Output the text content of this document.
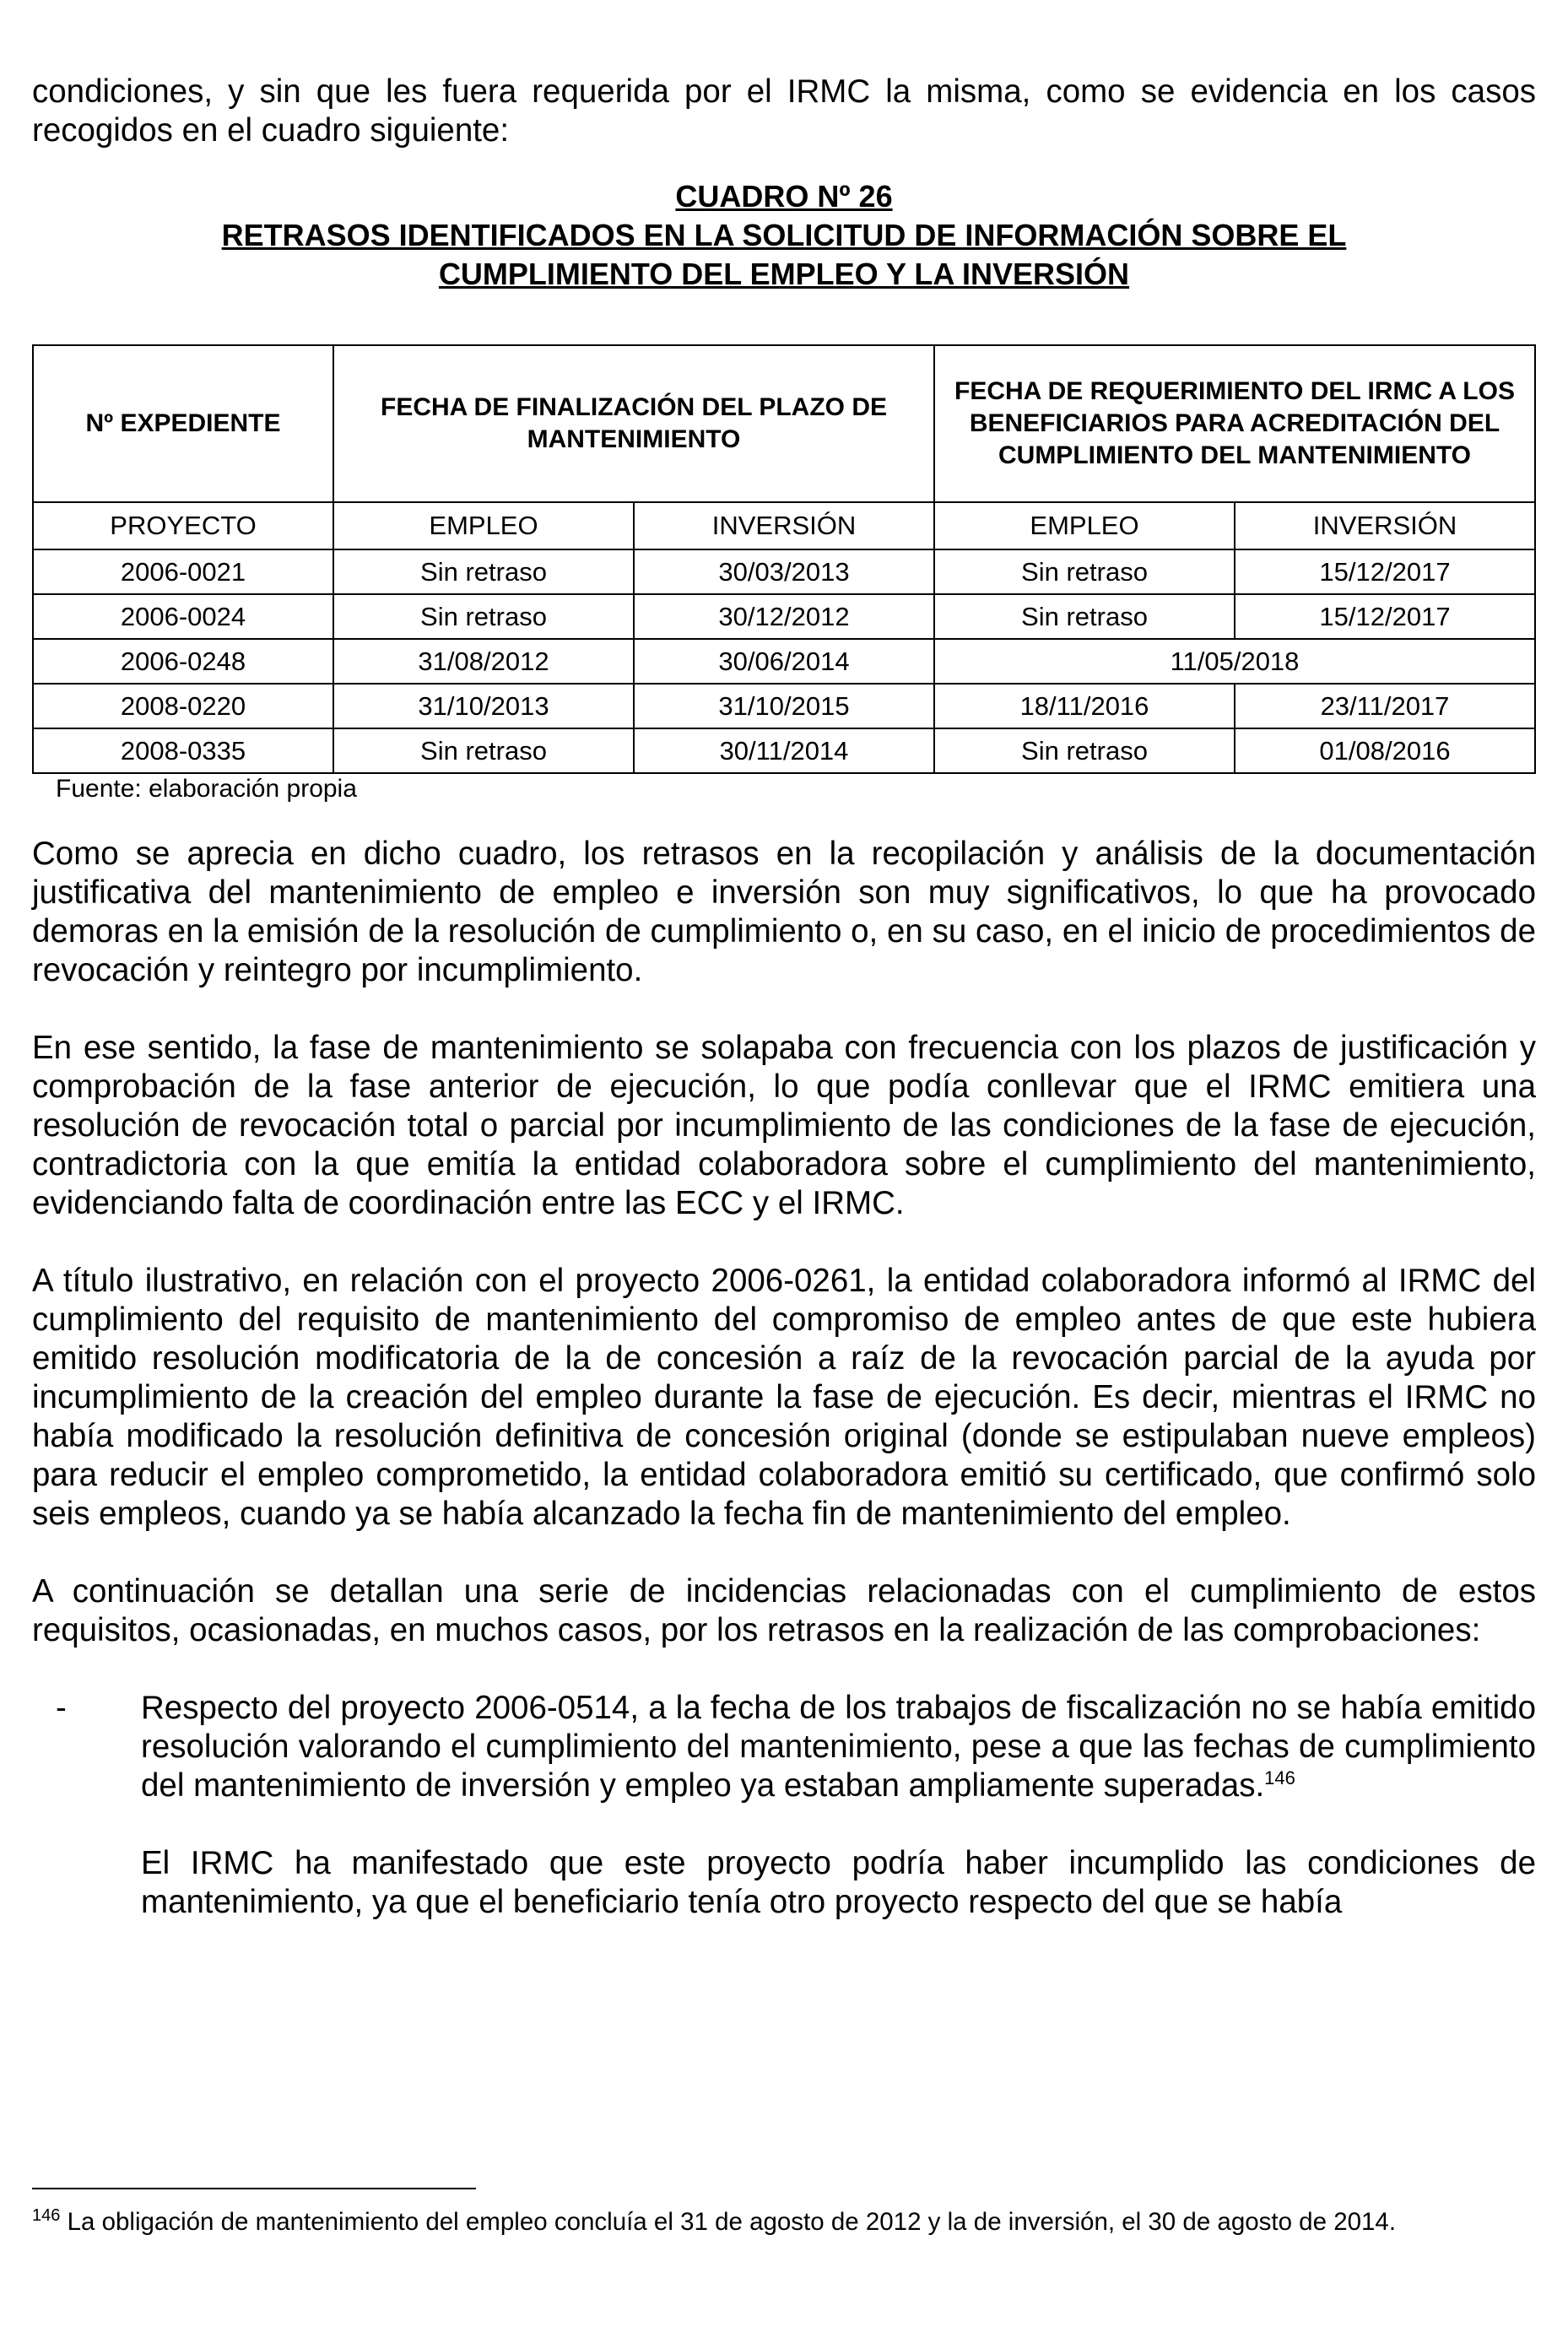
condiciones, y sin que les fuera requerida por el IRMC la misma, como se evidencia en los casos recogidos en el cuadro siguiente:

CUADRO Nº 26

RETRASOS IDENTIFICADOS EN LA SOLICITUD DE INFORMACIÓN SOBRE EL

CUMPLIMIENTO DEL EMPLEO Y LA INVERSIÓN

Nº EXPEDIENTE	FECHA DE FINALIZACIÓN DEL PLAZO DE MANTENIMIENTO		FECHA DE REQUERIMIENTO DEL IRMC A LOS BENEFICIARIOS PARA ACREDITACIÓN DEL CUMPLIMIENTO DEL MANTENIMIENTO	
PROYECTO	EMPLEO	INVERSIÓN	EMPLEO	INVERSIÓN
2006-0021	Sin retraso	30/03/2013	Sin retraso	15/12/2017
2006-0024	Sin retraso	30/12/2012	Sin retraso	15/12/2017
2006-0248	31/08/2012	30/06/2014	11/05/2018	
2008-0220	31/10/2013	31/10/2015	18/11/2016	23/11/2017
2008-0335	Sin retraso	30/11/2014	Sin retraso	01/08/2016

Fuente: elaboración propia

Como se aprecia en dicho cuadro, los retrasos en la recopilación y análisis de la documentación justificativa del mantenimiento de empleo e inversión son muy significativos, lo que ha provocado demoras en la emisión de la resolución de cumplimiento o, en su caso, en el inicio de procedimientos de revocación y reintegro por incumplimiento.

En ese sentido, la fase de mantenimiento se solapaba con frecuencia con los plazos de justificación y comprobación de la fase anterior de ejecución, lo que podía conllevar que el IRMC emitiera una resolución de revocación total o parcial por incumplimiento de las condiciones de la fase de ejecución, contradictoria con la que emitía la entidad colaboradora sobre el cumplimiento del mantenimiento, evidenciando falta de coordinación entre las ECC y el IRMC.

A título ilustrativo, en relación con el proyecto 2006-0261, la entidad colaboradora informó al IRMC del cumplimiento del requisito de mantenimiento del compromiso de empleo antes de que este hubiera emitido resolución modificatoria de la de concesión a raíz de la revocación parcial de la ayuda por incumplimiento de la creación del empleo durante la fase de ejecución. Es decir, mientras el IRMC no había modificado la resolución definitiva de concesión original (donde se estipulaban nueve empleos) para reducir el empleo comprometido, la entidad colaboradora emitió su certificado, que confirmó solo seis empleos, cuando ya se había alcanzado la fecha fin de mantenimiento del empleo.

A continuación se detallan una serie de incidencias relacionadas con el cumplimiento de estos requisitos, ocasionadas, en muchos casos, por los retrasos en la realización de las comprobaciones:

- Respecto del proyecto 2006-0514, a la fecha de los trabajos de fiscalización no se había emitido resolución valorando el cumplimiento del mantenimiento, pese a que las fechas de cumplimiento del mantenimiento de inversión y empleo ya estaban ampliamente superadas.$^{146}$

El IRMC ha manifestado que este proyecto podría haber incumplido las condiciones de mantenimiento, ya que el beneficiario tenía otro proyecto respecto del que se había

$^{146}$ La obligación de mantenimiento del empleo concluía el 31 de agosto de 2012 y la de inversión, el 30 de agosto de 2014.
